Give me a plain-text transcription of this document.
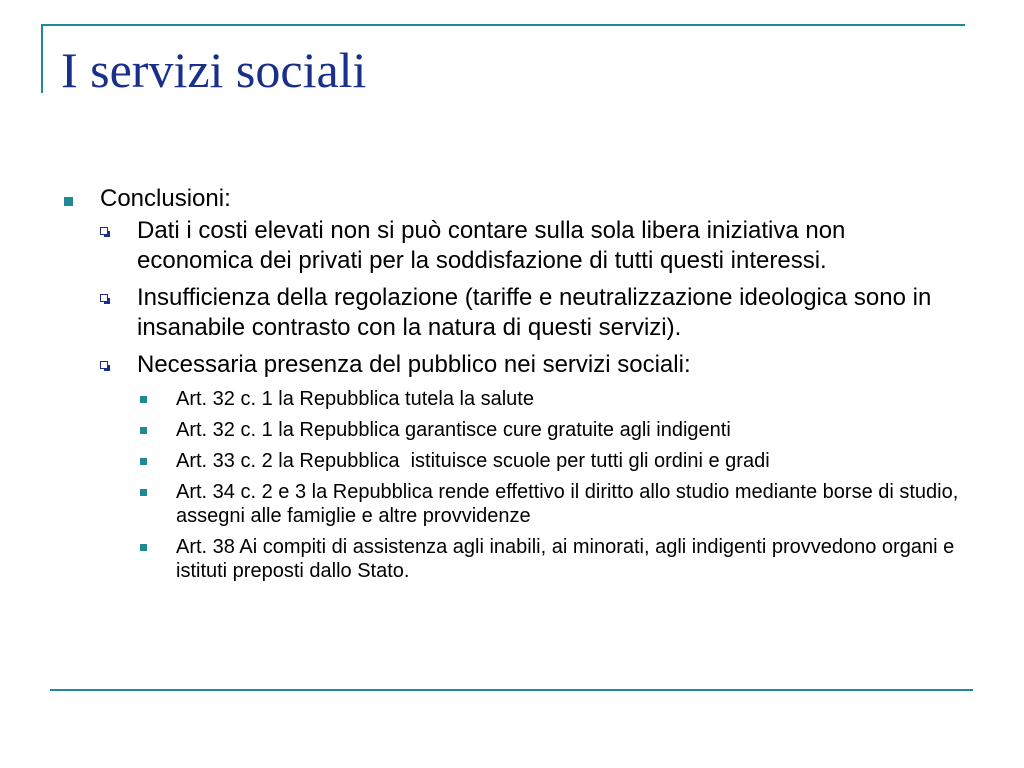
I servizi sociali
Conclusioni:
Dati i costi elevati non si può contare sulla sola libera iniziativa non economica dei privati per la soddisfazione di tutti questi interessi.
Insufficienza della regolazione (tariffe e neutralizzazione ideologica sono in insanabile contrasto con la natura di questi servizi).
Necessaria presenza del pubblico nei servizi sociali:
Art. 32 c. 1 la Repubblica tutela la salute
Art. 32 c. 1 la Repubblica garantisce cure gratuite agli indigenti
Art. 33 c. 2 la Repubblica  istituisce scuole per tutti gli ordini e gradi
Art. 34 c. 2 e 3 la Repubblica rende effettivo il diritto allo studio mediante borse di studio, assegni alle famiglie e altre provvidenze
Art. 38 Ai compiti di assistenza agli inabili, ai minorati, agli indigenti provvedono organi e istituti preposti dallo Stato.
